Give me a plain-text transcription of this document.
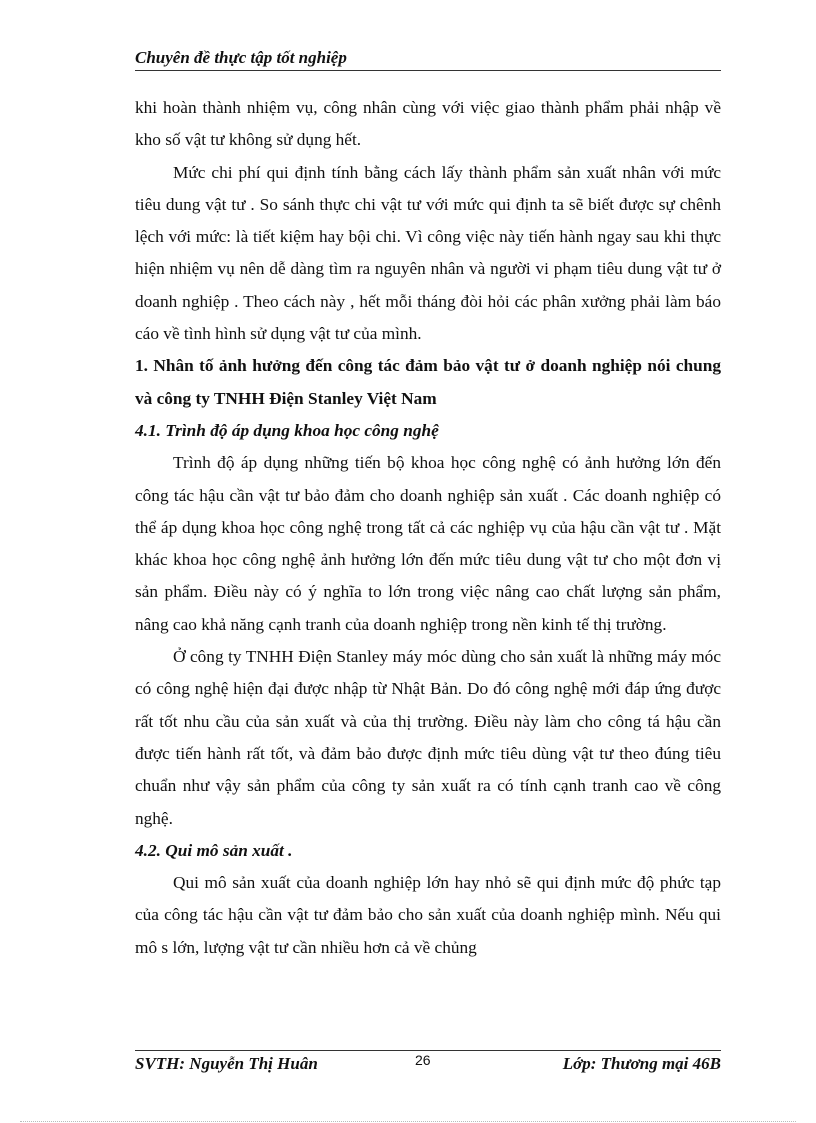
Chuyên đề thực tập tốt nghiệp

khi hoàn thành nhiệm vụ, công nhân cùng với việc giao thành phẩm phải nhập về kho số vật tư không sử dụng hết.

Mức chi phí qui định tính bằng cách lấy thành phẩm sản xuất nhân với mức tiêu dung vật tư . So sánh thực chi vật tư với mức qui định ta sẽ biết được sự chênh lệch với mức: là tiết kiệm hay bội chi. Vì công việc này tiến hành ngay sau khi thực hiện nhiệm vụ nên dễ dàng tìm ra nguyên nhân và người vi phạm tiêu dung vật tư ở doanh nghiệp . Theo cách này , hết mỗi tháng đòi hỏi các phân xưởng phải làm báo cáo về tình hình sử dụng vật tư của mình.

1. Nhân tố ảnh hưởng đến công tác đảm bảo vật tư ở doanh nghiệp nói chung và công ty TNHH Điện Stanley Việt Nam

4.1. Trình độ áp dụng khoa học công nghệ

Trình độ áp dụng những tiến bộ khoa học công nghệ có ảnh hưởng lớn đến công tác hậu cần vật tư bảo đảm cho doanh nghiệp sản xuất . Các doanh nghiệp có thể áp dụng khoa học công nghệ trong tất cả các nghiệp vụ của hậu cần vật tư . Mặt khác khoa học công nghệ ảnh hưởng lớn đến mức tiêu dung vật tư cho một đơn vị sản phẩm. Điều này có ý nghĩa to lớn trong việc nâng cao chất lượng sản phẩm, nâng cao khả năng cạnh tranh của doanh nghiệp trong nền kinh tế thị trường.

Ở công ty TNHH Điện Stanley máy móc dùng cho sản xuất là những máy móc có công nghệ hiện đại được nhập từ Nhật Bản. Do đó công nghệ mới đáp ứng được rất tốt nhu cầu của sản xuất và của thị trường. Điều này làm cho công tá hậu cần được tiến hành rất tốt, và đảm bảo được định mức tiêu dùng vật tư theo đúng tiêu chuẩn như vậy sản phẩm của công ty sản xuất ra có tính cạnh tranh cao về công nghệ.

4.2. Qui mô sản xuất .

Qui mô sản xuất của doanh nghiệp lớn hay nhỏ sẽ qui định mức độ phức tạp của công tác hậu cần vật tư đảm bảo cho sản xuất của doanh nghiệp mình. Nếu qui mô s lớn, lượng vật tư cần nhiều hơn cả về chủng

SVTH: Nguyễn Thị Huân	26	Lớp: Thương mại 46B
